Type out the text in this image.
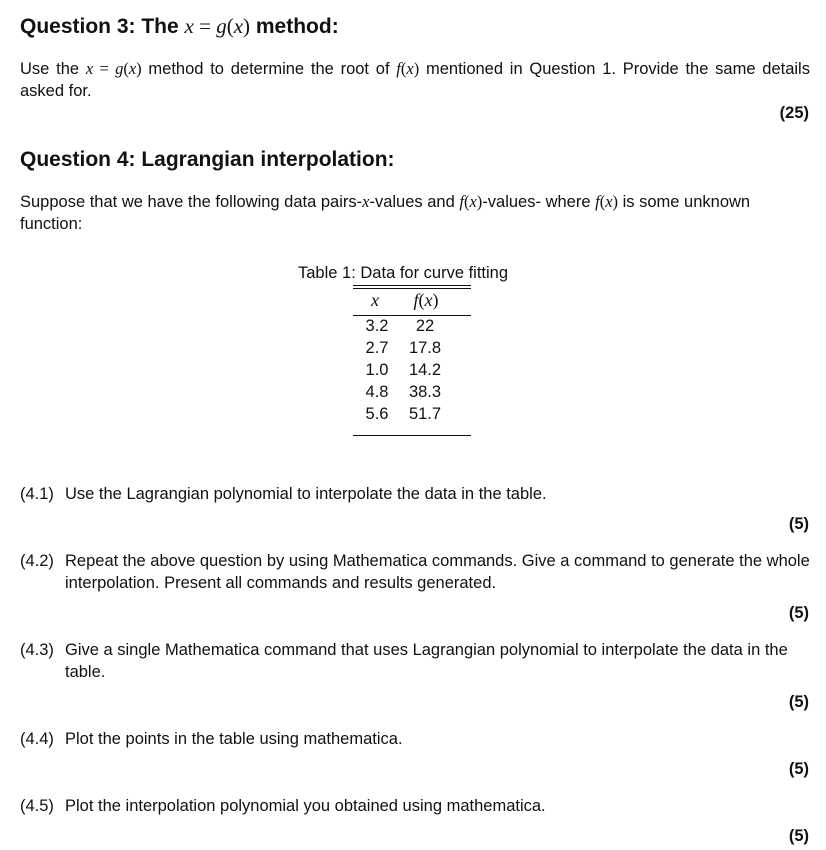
Question 3: The x = g(x) method:
Use the x = g(x) method to determine the root of f(x) mentioned in Question 1. Provide the same details asked for.
(25)
Question 4: Lagrangian interpolation:
Suppose that we have the following data pairs-x-values and f(x)-values- where f(x) is some unknown function:
Table 1: Data for curve fitting
x	f(x)
3.2	22
2.7	17.8
1.0	14.2
4.8	38.3
5.6	51.7
(4.1) Use the Lagrangian polynomial to interpolate the data in the table.
(5)
(4.2) Repeat the above question by using Mathematica commands. Give a command to generate the whole interpolation. Present all commands and results generated.
(5)
(4.3) Give a single Mathematica command that uses Lagrangian polynomial to interpolate the data in the table.
(5)
(4.4) Plot the points in the table using mathematica.
(5)
(4.5) Plot the interpolation polynomial you obtained using mathematica.
(5)
